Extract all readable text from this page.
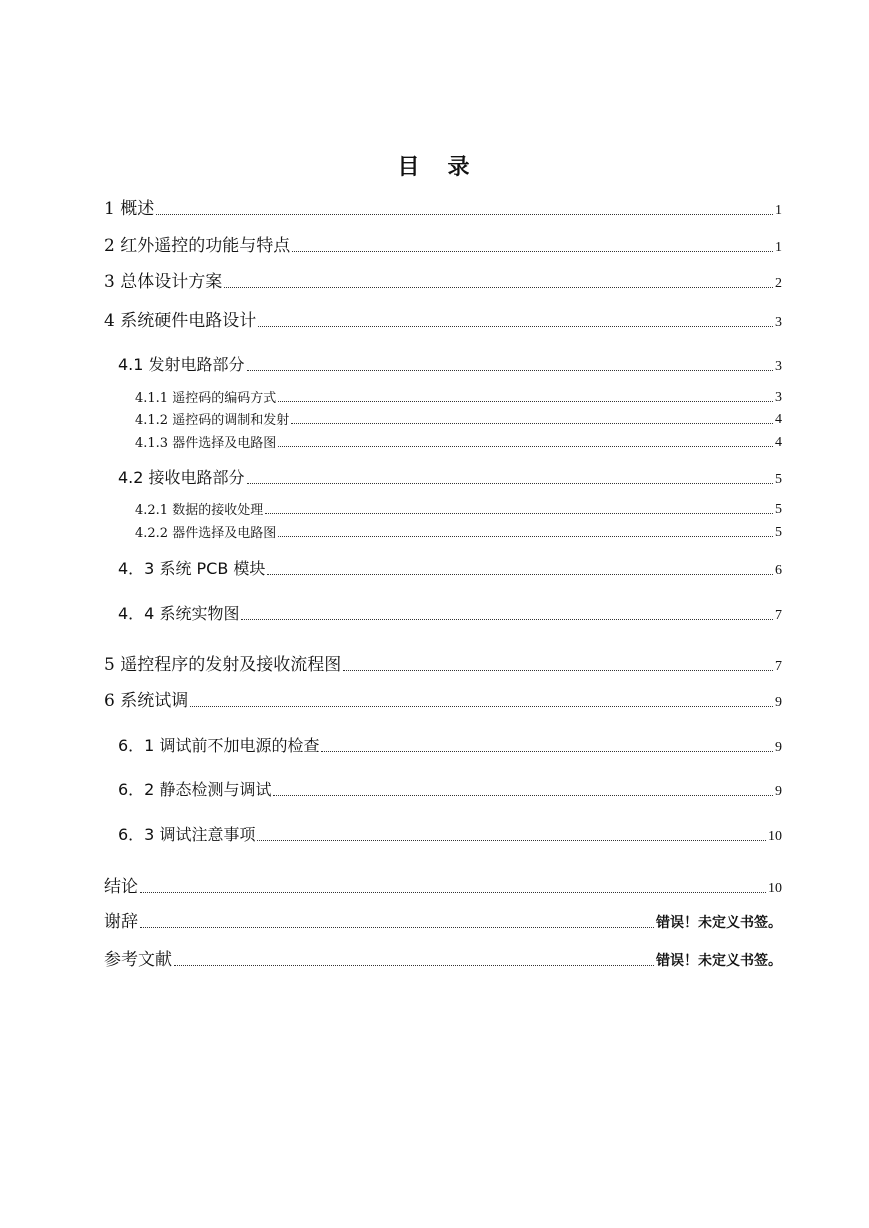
目 录
1 概述	1
2 红外遥控的功能与特点	1
3 总体设计方案	2
4 系统硬件电路设计	3
4.1 发射电路部分	3
4.1.1 遥控码的编码方式	3
4.1.2 遥控码的调制和发射	4
4.1.3 器件选择及电路图	4
4.2 接收电路部分	5
4.2.1 数据的接收处理	5
4.2.2 器件选择及电路图	5
4．3 系统 PCB 模块	6
4．4 系统实物图	7
5 遥控程序的发射及接收流程图	7
6 系统试调	9
6．1 调试前不加电源的检查	9
6．2 静态检测与调试	9
6．3 调试注意事项	10
结论	10
谢辞	错误！未定义书签。
参考文献	错误！未定义书签。
